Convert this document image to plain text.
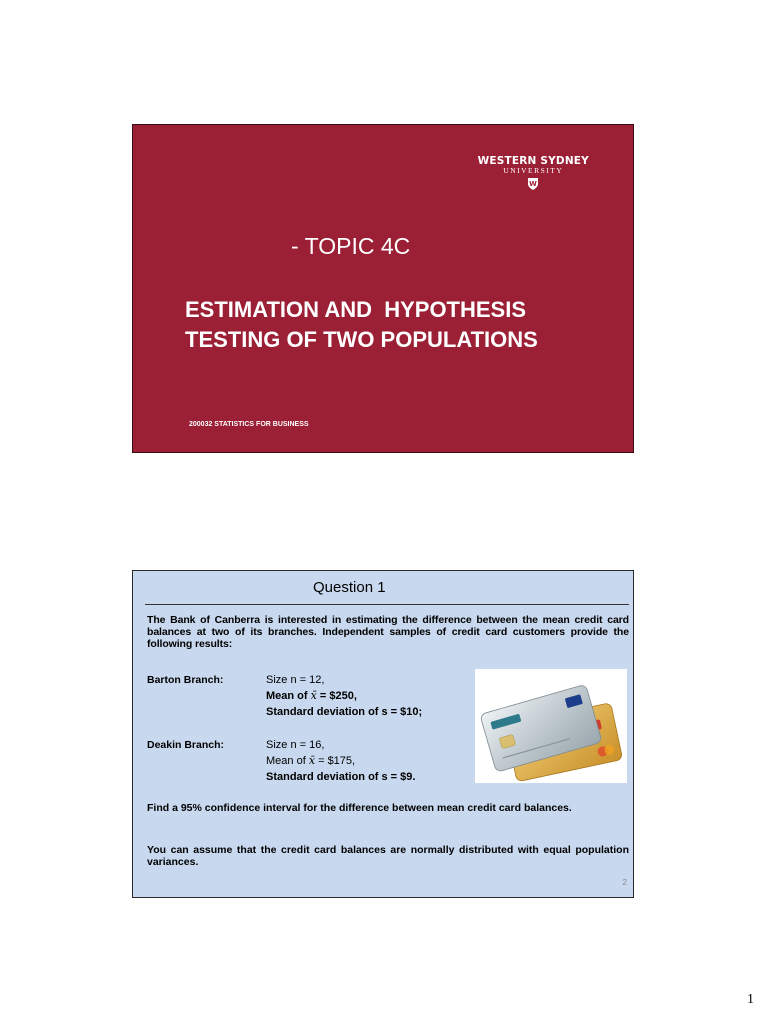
WESTERN SYDNEY
UNIVERSITY
W
- TOPIC 4C
ESTIMATION AND  HYPOTHESIS
TESTING OF TWO POPULATIONS
200032 STATISTICS FOR BUSINESS
Question 1
The Bank of Canberra is interested in estimating the difference between the mean credit card balances at two of its branches. Independent samples of credit card customers provide the following results:
Barton Branch:	Size n = 12,
Mean of x̄ = $250,
Standard deviation of s = $10;
Deakin Branch:	Size n = 16,
Mean of x̄ = $175,
Standard deviation of s = $9.
Find a 95% confidence interval for the difference between mean credit card balances.
You can assume that the credit card balances are normally distributed with equal population variances.
2
1
